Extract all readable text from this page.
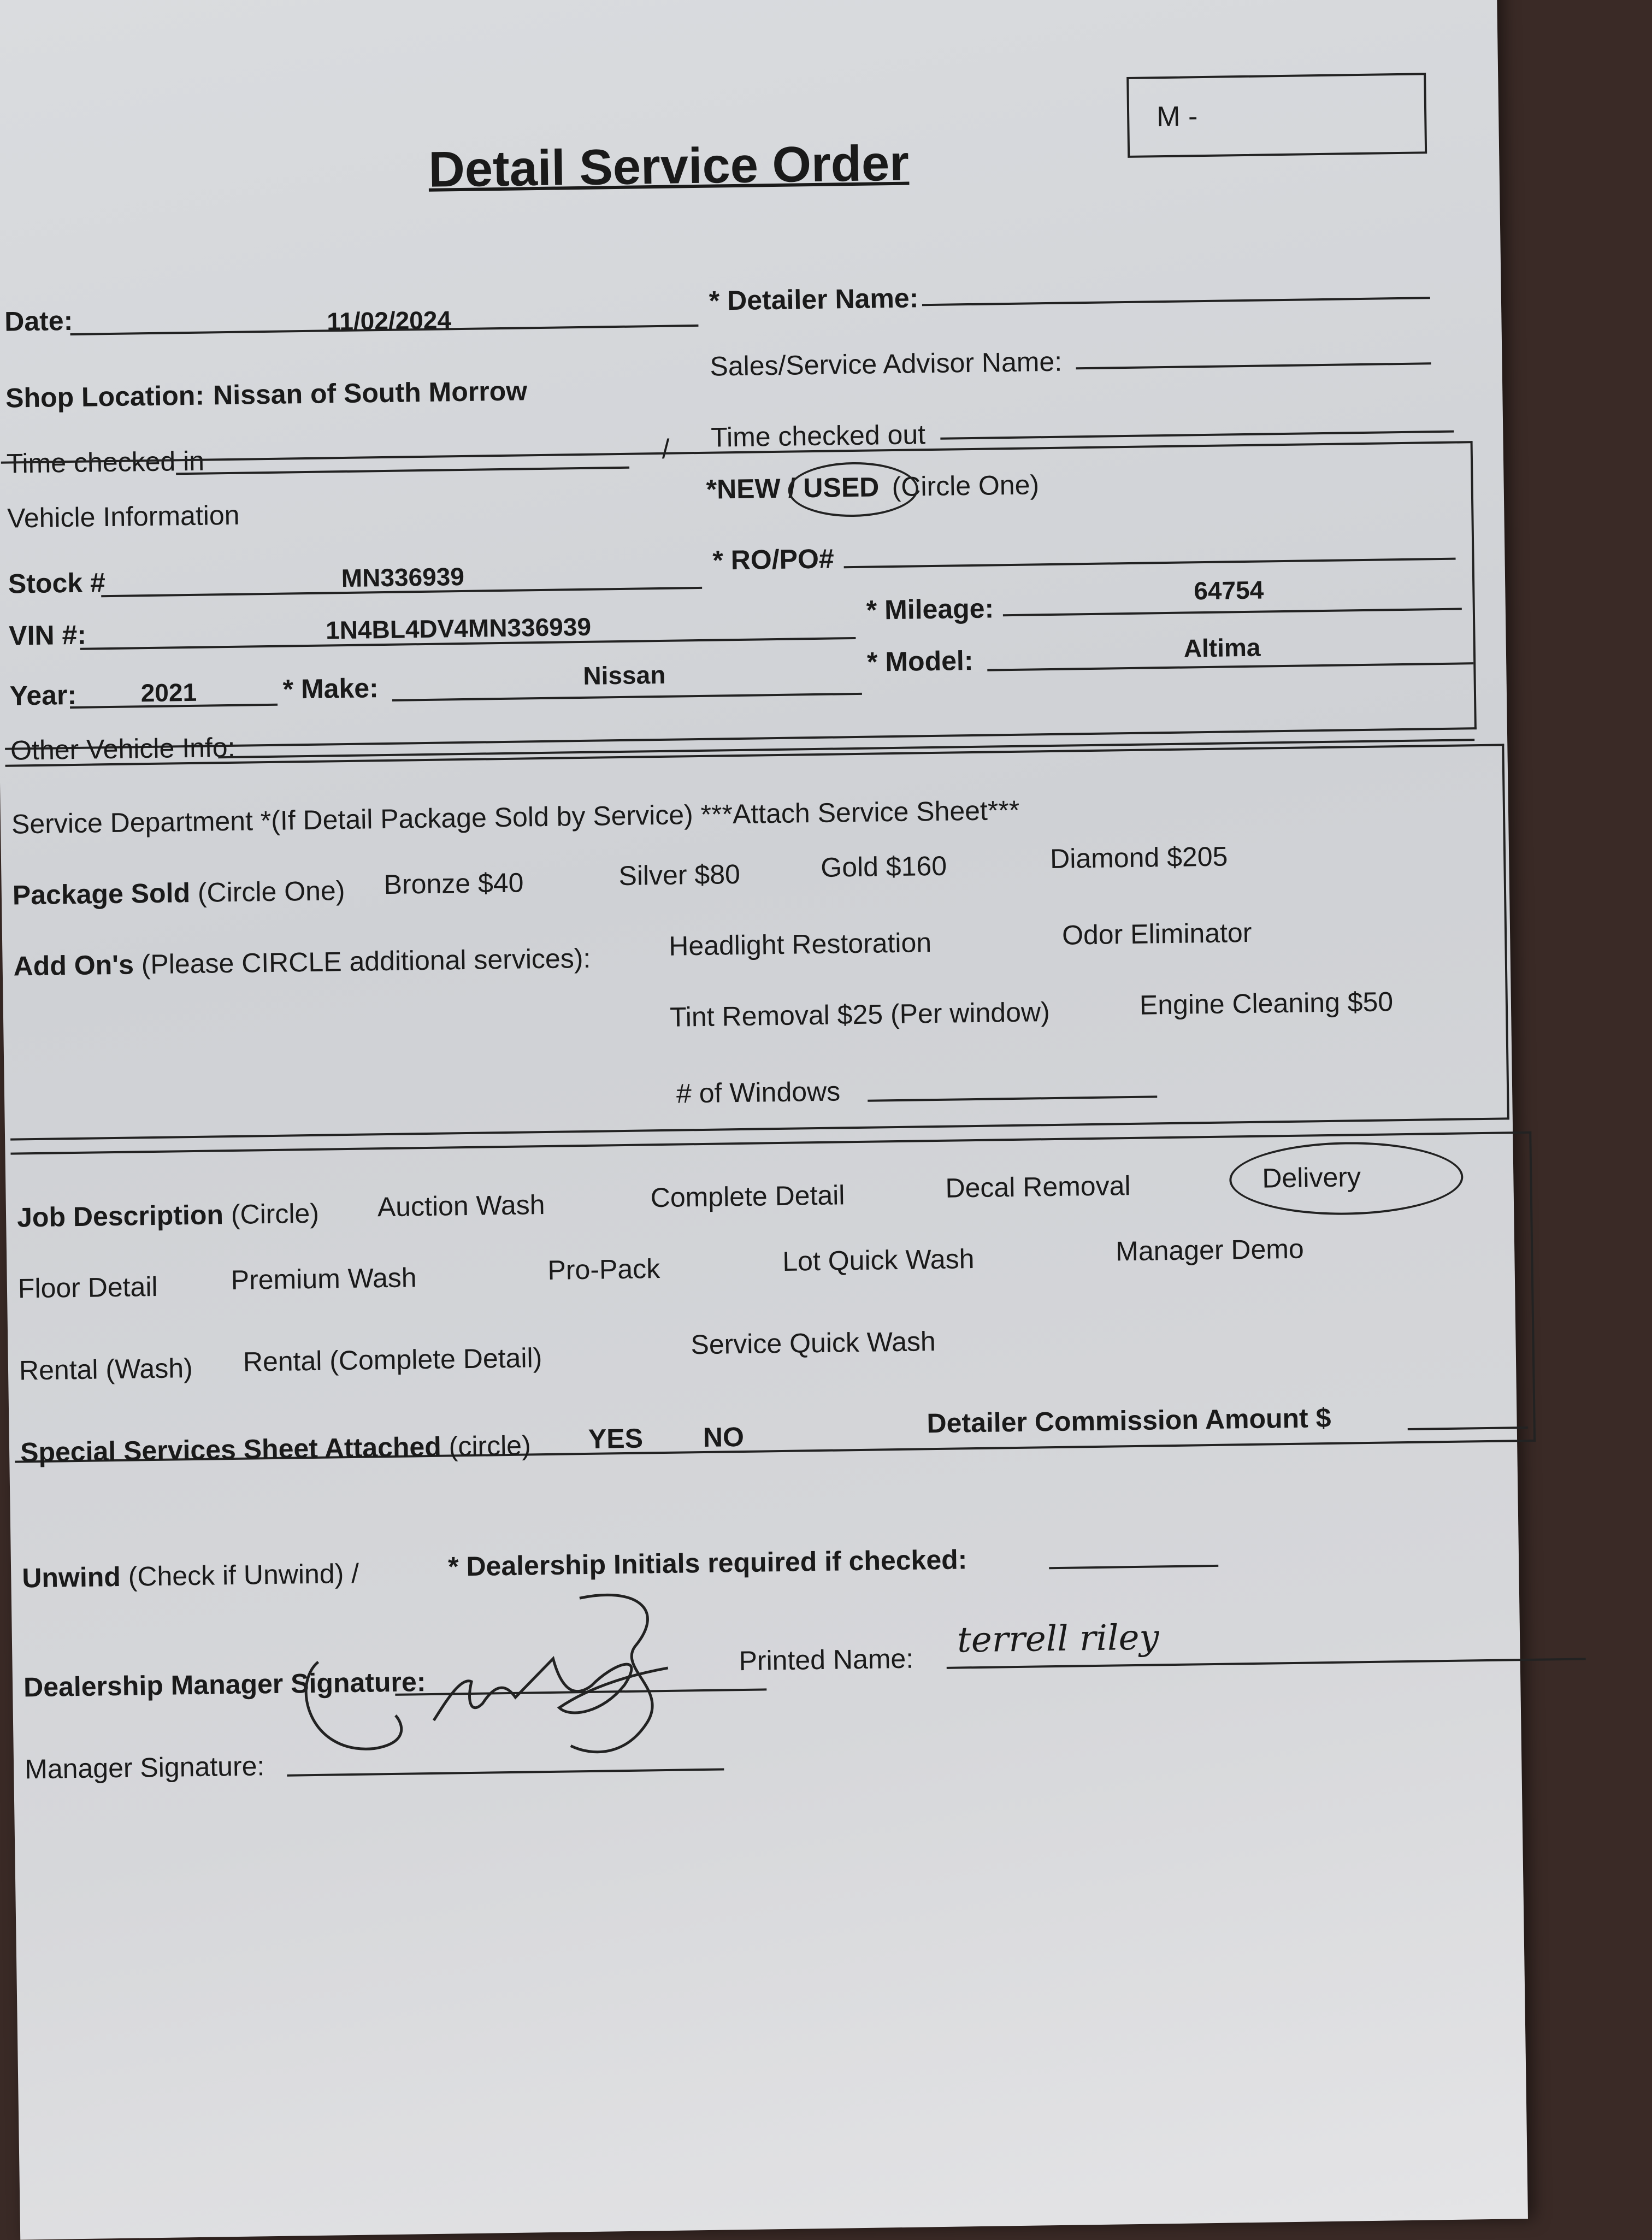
Detail Service Order
M -
Date:	11/02/2024
* Detailer Name:
Shop Location: Nissan of South Morrow
Sales/Service Advisor Name:
Time checked in	/ Time checked out
Vehicle Information
*NEW / USED (Circle One)
Stock #	MN336939
* RO/PO#
VIN #:	1N4BL4DV4MN336939
* Mileage:
64754
Year:	2021	* Make:	Nissan	* Model:	Altima
Other Vehicle Info:
Service Department *(If Detail Package Sold by Service) ***Attach Service Sheet***
Package Sold (Circle One) Bronze $40	Silver $80	Gold $160	Diamond $205
Add On's (Please CIRCLE additional services):	Headlight Restoration	Odor Eliminator
Tint Removal $25 (Per window)	Engine Cleaning $50
# of Windows
Job Description (Circle) Auction Wash	Complete Detail	Decal Removal	Delivery
Floor Detail	Premium Wash	Pro-Pack	Lot Quick Wash	Manager Demo
Rental (Wash) Rental (Complete Detail)	Service Quick Wash
Special Services Sheet Attached (circle) YES NO	Detailer Commission Amount $
Unwind (Check if Unwind) /	* Dealership Initials required if checked:
Dealership Manager Signature:
Printed Name: terrell riley
Manager Signature:
